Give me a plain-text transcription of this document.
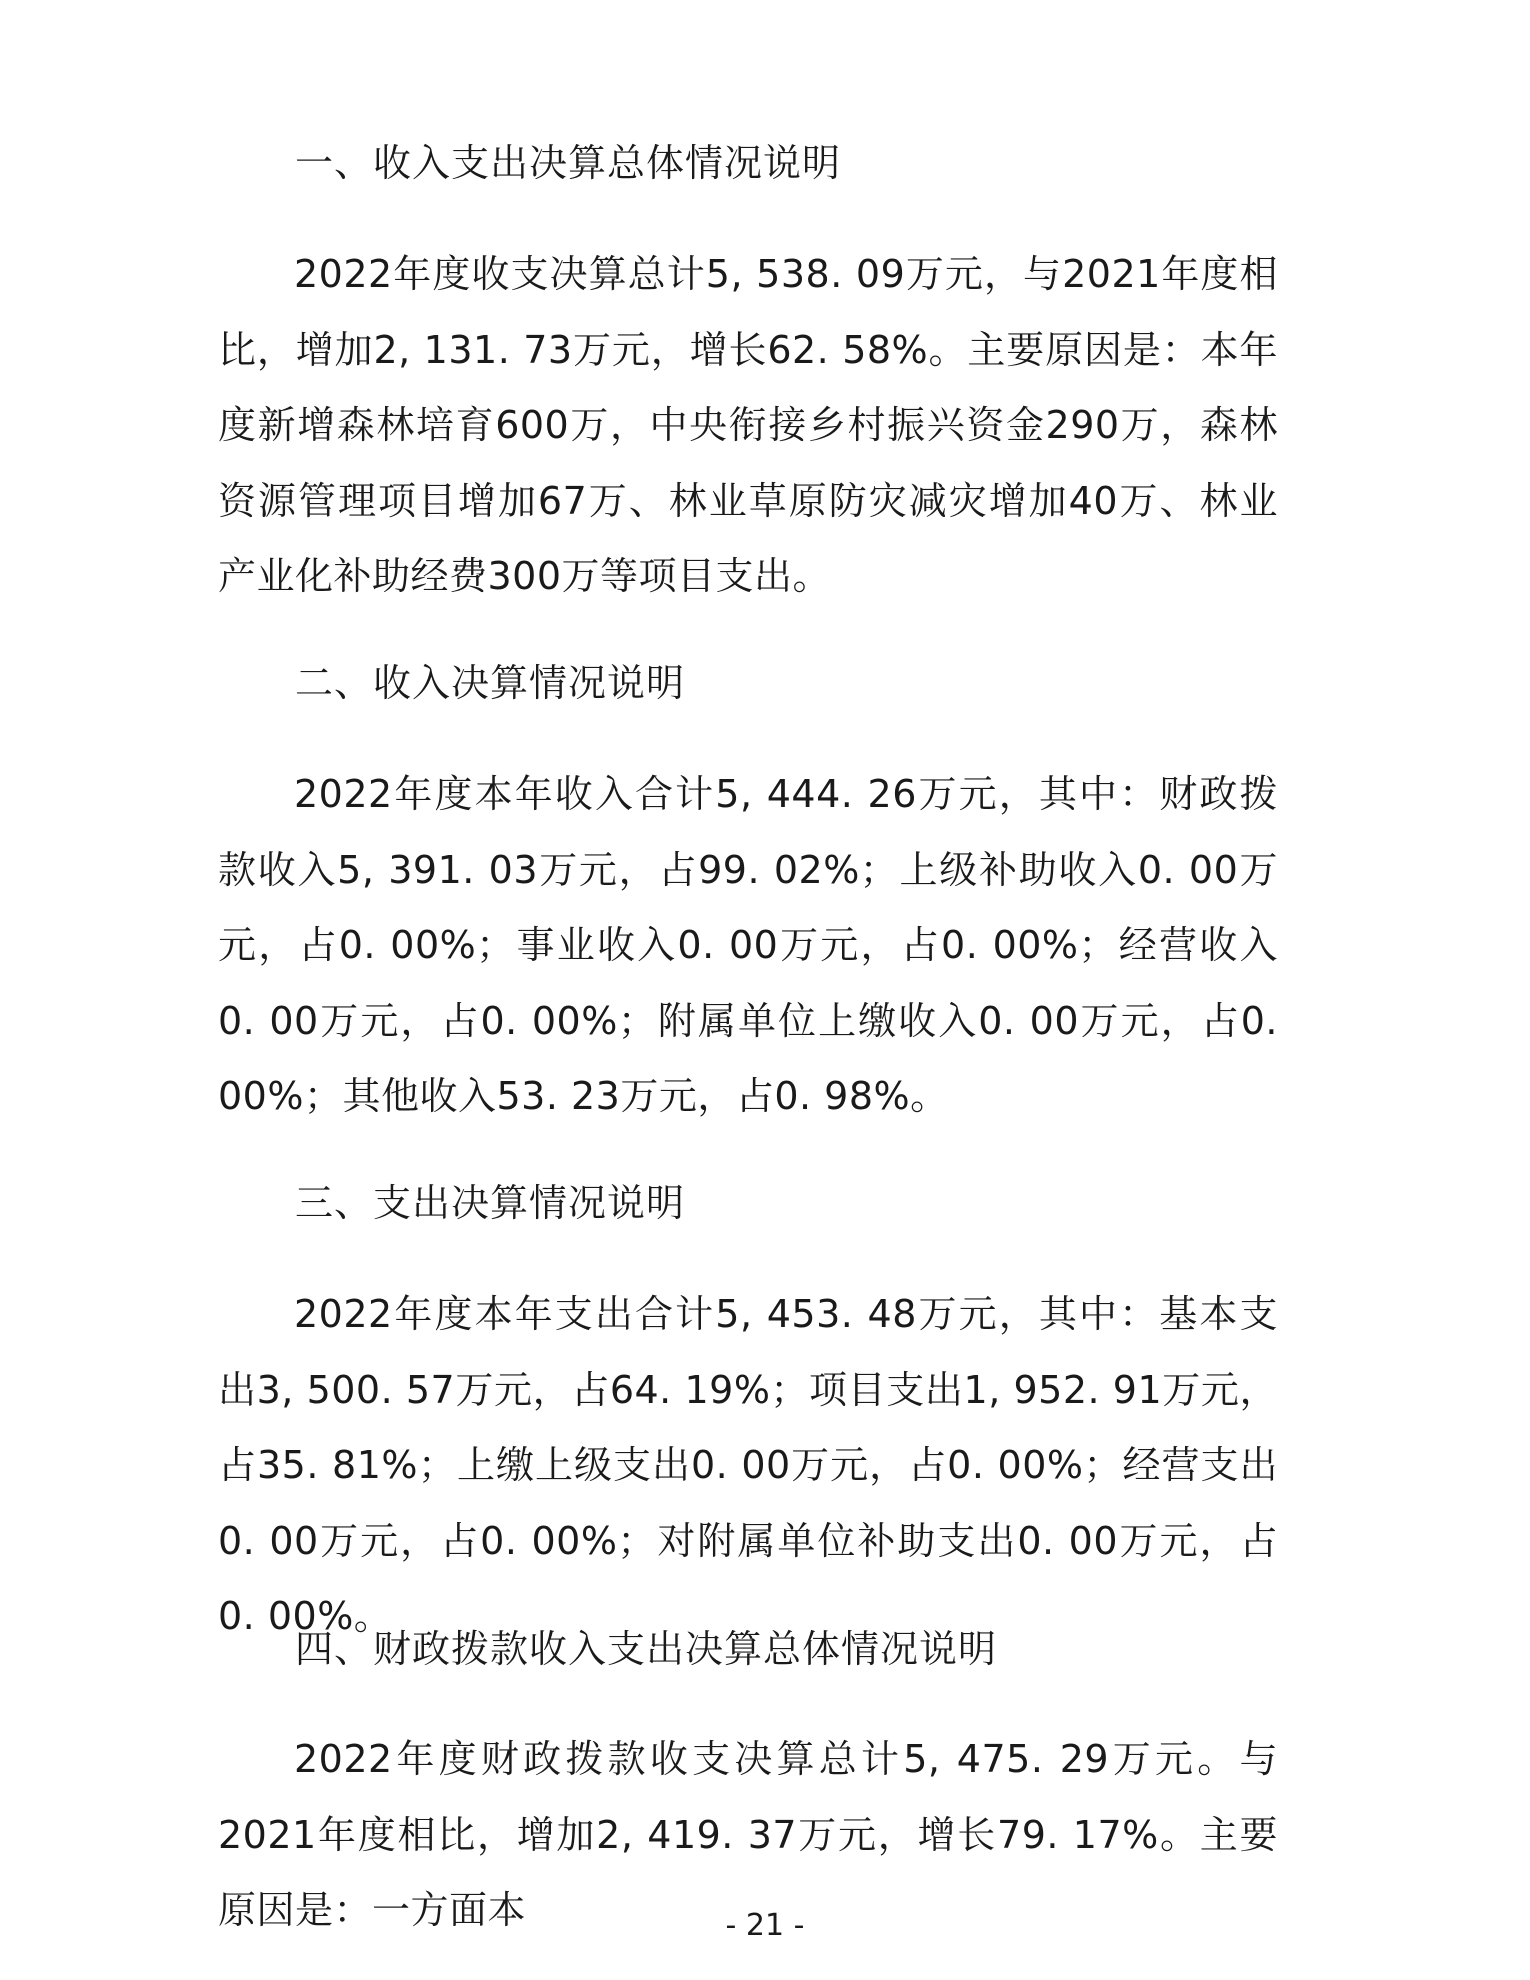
一、收入支出决算总体情况说明
2022年度收支决算总计5, 538. 09万元，与2021年度相比，增加2, 131. 73万元，增长62. 58%。主要原因是：本年度新增森林培育600万，中央衔接乡村振兴资金290万，森林资源管理项目增加67万、林业草原防灾减灾增加40万、林业产业化补助经费300万等项目支出。
二、收入决算情况说明
2022年度本年收入合计5, 444. 26万元，其中：财政拨款收入5, 391. 03万元，占99. 02%；上级补助收入0. 00万元，占0. 00%；事业收入0. 00万元，占0. 00%；经营收入0. 00万元，占0. 00%；附属单位上缴收入0. 00万元，占0. 00%；其他收入53. 23万元，占0. 98%。
三、支出决算情况说明
2022年度本年支出合计5, 453. 48万元，其中：基本支出3, 500. 57万元，占64. 19%；项目支出1, 952. 91万元，占35. 81%；上缴上级支出0. 00万元，占0. 00%；经营支出0. 00万元，占0. 00%；对附属单位补助支出0. 00万元，占0. 00%。
四、财政拨款收入支出决算总体情况说明
2022年度财政拨款收支决算总计5, 475. 29万元。与2021年度相比，增加2, 419. 37万元，增长79. 17%。主要原因是：一方面本	- 21 -
